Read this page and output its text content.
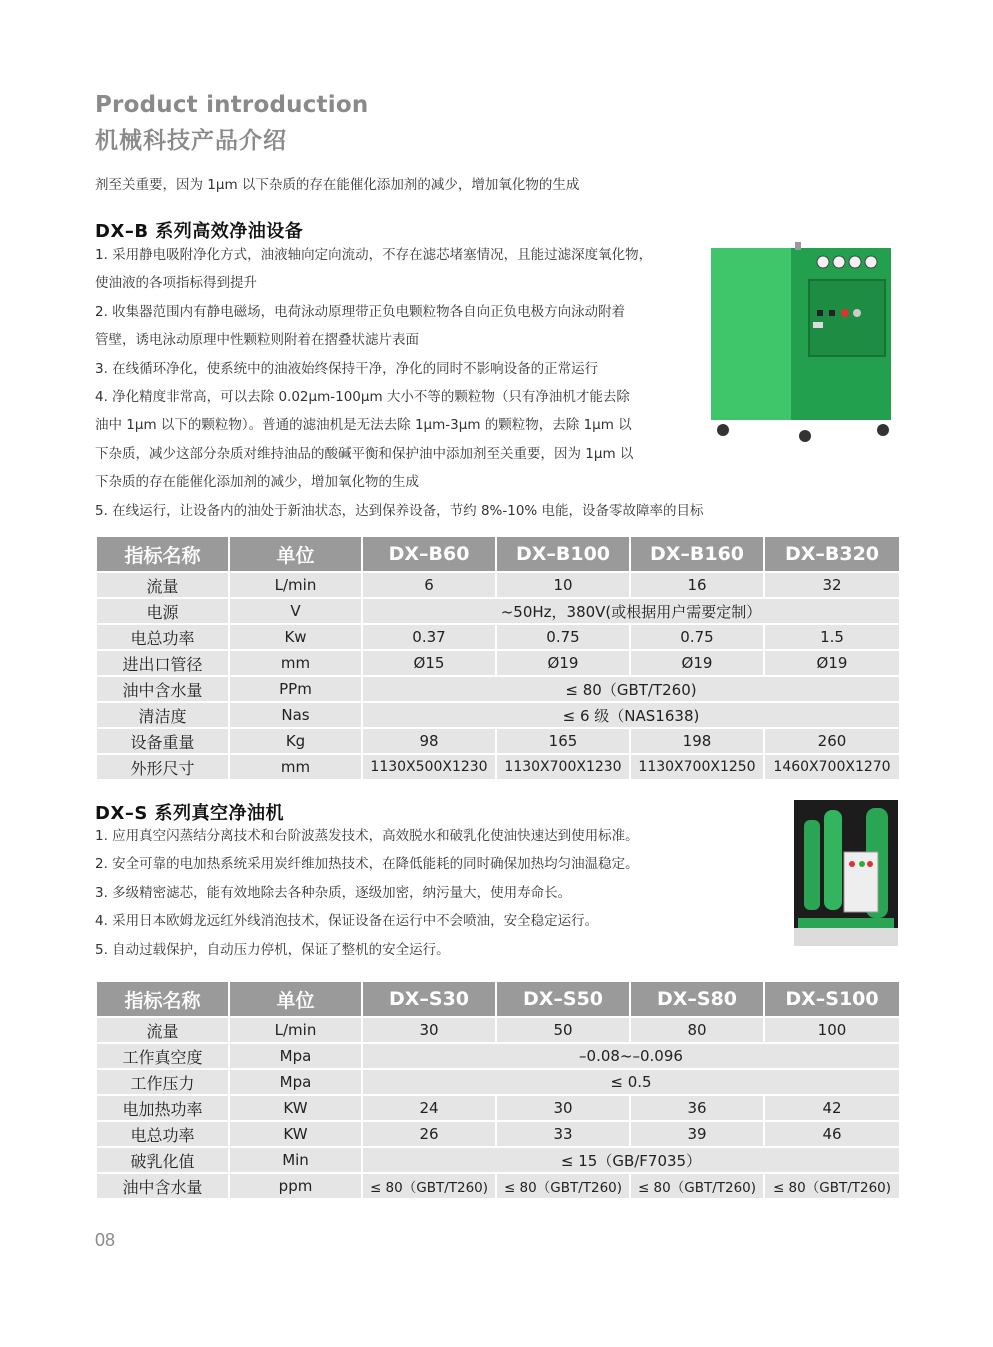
Product introduction
机械科技产品介绍
剂至关重要，因为 1μm 以下杂质的存在能催化添加剂的减少，增加氧化物的生成
DX–B 系列高效净油设备

1. 采用静电吸附净化方式，油液轴向定向流动，不存在滤芯堵塞情况，且能过滤深度氧化物，

使油液的各项指标得到提升

2. 收集器范围内有静电磁场，电荷泳动原理带正负电颗粒物各自向正负电极方向泳动附着

管壁，诱电泳动原理中性颗粒则附着在摺叠状滤片表面

3. 在线循环净化，使系统中的油液始终保持干净，净化的同时不影响设备的正常运行

4. 净化精度非常高，可以去除 0.02μm-100μm 大小不等的颗粒物（只有净油机才能去除

油中 1μm 以下的颗粒物）。普通的滤油机是无法去除 1μm-3μm 的颗粒物，去除 1μm 以

下杂质，减少这部分杂质对维持油品的酸碱平衡和保护油中添加剂至关重要，因为 1μm 以

下杂质的存在能催化添加剂的减少，增加氧化物的生成

5. 在线运行，让设备内的油处于新油状态，达到保养设备，节约 8%-10% 电能，设备零故障率的目标

指标名称	单位	DX–B60	DX–B100	DX–B160	DX–B320
流量	L/min	6	10	16	32
电源	V	~50Hz，380V(或根据用户需要定制）			
电总功率	Kw	0.37	0.75	0.75	1.5
进出口管径	mm	Ø15	Ø19	Ø19	Ø19
油中含水量	PPm	≤ 80（GBT/T260)			
清洁度	Nas	≤ 6 级（NAS1638)			
设备重量	Kg	98	165	198	260
外形尺寸	mm	1130X500X1230	1130X700X1230	1130X700X1250	1460X700X1270
DX–S 系列真空净油机

1. 应用真空闪蒸结分离技术和台阶波蒸发技术，高效脱水和破乳化使油快速达到使用标准。

2. 安全可靠的电加热系统采用炭纤维加热技术，在降低能耗的同时确保加热均匀油温稳定。

3. 多级精密滤芯，能有效地除去各种杂质，逐级加密，纳污量大，使用寿命长。

4. 采用日本欧姆龙远红外线消泡技术，保证设备在运行中不会喷油，安全稳定运行。

5. 自动过载保护，自动压力停机，保证了整机的安全运行。

指标名称	单位	DX–S30	DX–S50	DX–S80	DX–S100
流量	L/min	30	50	80	100
工作真空度	Mpa	–0.08~–0.096			
工作压力	Mpa	≤ 0.5			
电加热功率	KW	24	30	36	42
电总功率	KW	26	33	39	46
破乳化值	Min	≤ 15（GB/F7035）			
油中含水量	ppm	≤ 80（GBT/T260)	≤ 80（GBT/T260)	≤ 80（GBT/T260)	≤ 80（GBT/T260)
08
